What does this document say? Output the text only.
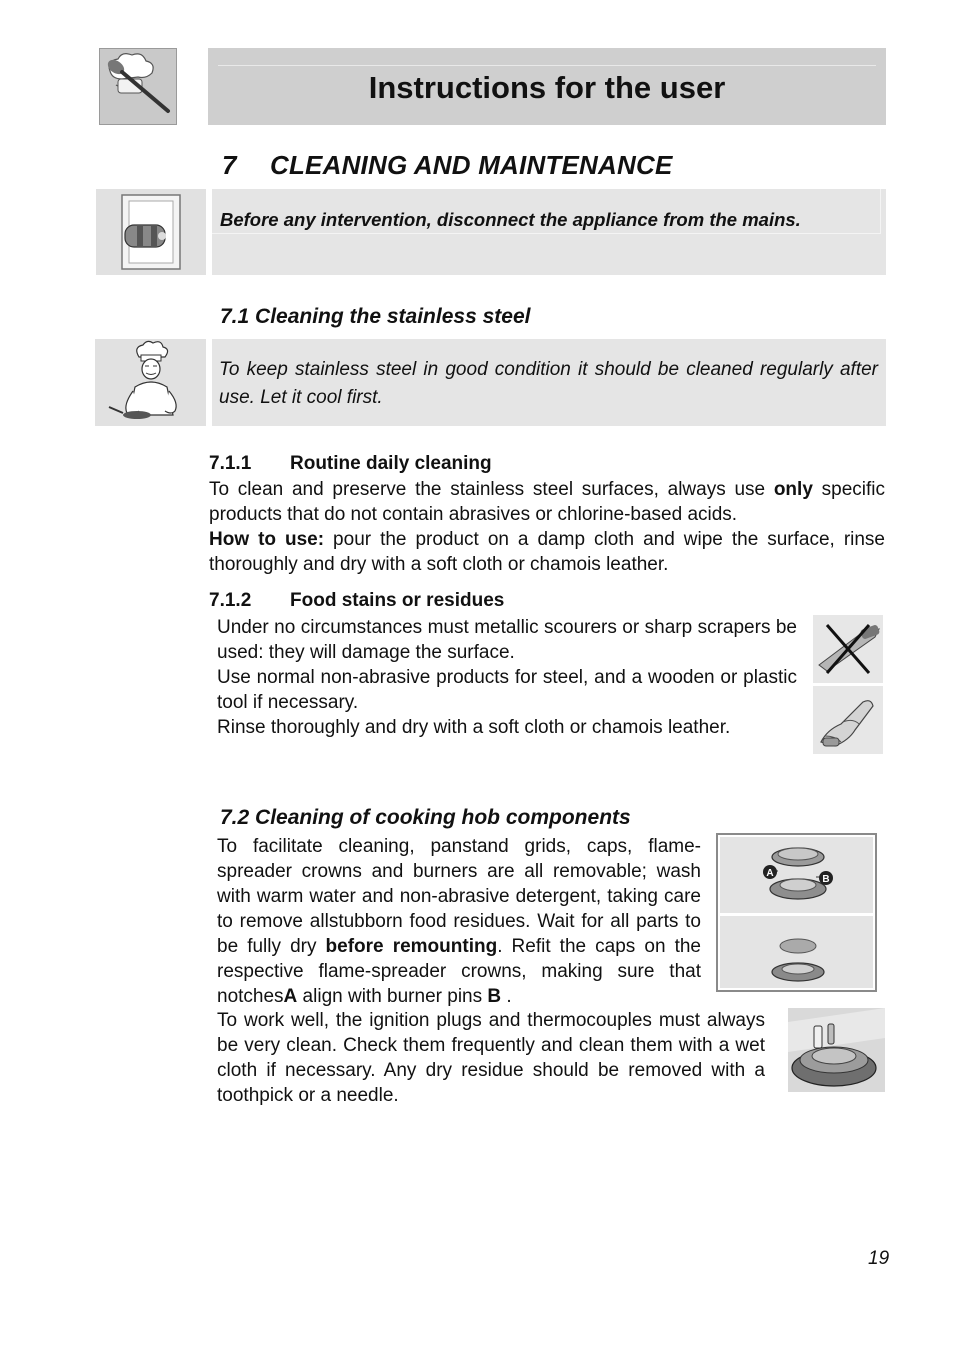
Instructions for the user
7 CLEANING AND MAINTENANCE
Before any intervention, disconnect the appliance from the mains.
7.1 Cleaning the stainless steel

To keep stainless steel in good condition it should be cleaned regularly after use. Let it cool first.

7.1.1 Routine daily cleaning

To clean and preserve the stainless steel surfaces, always use only specific products that do not contain abrasives or chlorine-based acids.

How to use: pour the product on a damp cloth and wipe the surface, rinse thoroughly and dry with a soft cloth or chamois leather.

7.1.2 Food stains or residues

Under no circumstances must metallic scourers or sharp scrapers be used: they will damage the surface.

Use normal non-abrasive products for steel, and a wooden or plastic tool if necessary.

Rinse thoroughly and dry with a soft cloth or chamois leather.

7.2 Cleaning of cooking hob components

To facilitate cleaning, panstand grids, caps, flame-spreader crowns and burners are all removable; wash with warm water and non-abrasive detergent, taking care to remove allstubborn food residues. Wait for all parts to be fully dry before remounting. Refit the caps on the respective flame-spreader crowns, making sure that notchesA align with burner pins B .

To work well, the ignition plugs and thermocouples must always be very clean. Check them frequently and clean them with a wet cloth if necessary. Any dry residue should be removed with a toothpick or a needle.

A
B
19
